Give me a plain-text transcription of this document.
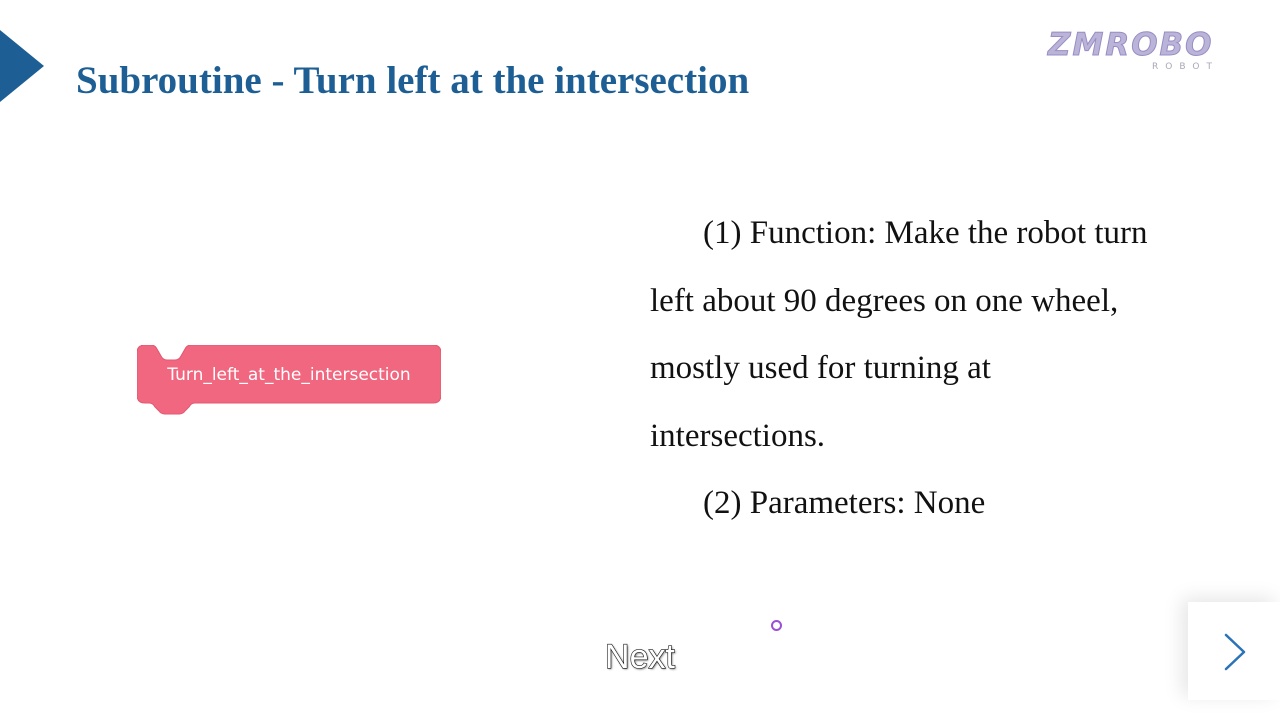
Subroutine - Turn left at the intersection
ZMROBO
ROBOT
Turn_left_at_the_intersection

(1) Function: Make the robot turn left about 90 degrees on one wheel, mostly used for turning at intersections.

(2) Parameters: None

Next
